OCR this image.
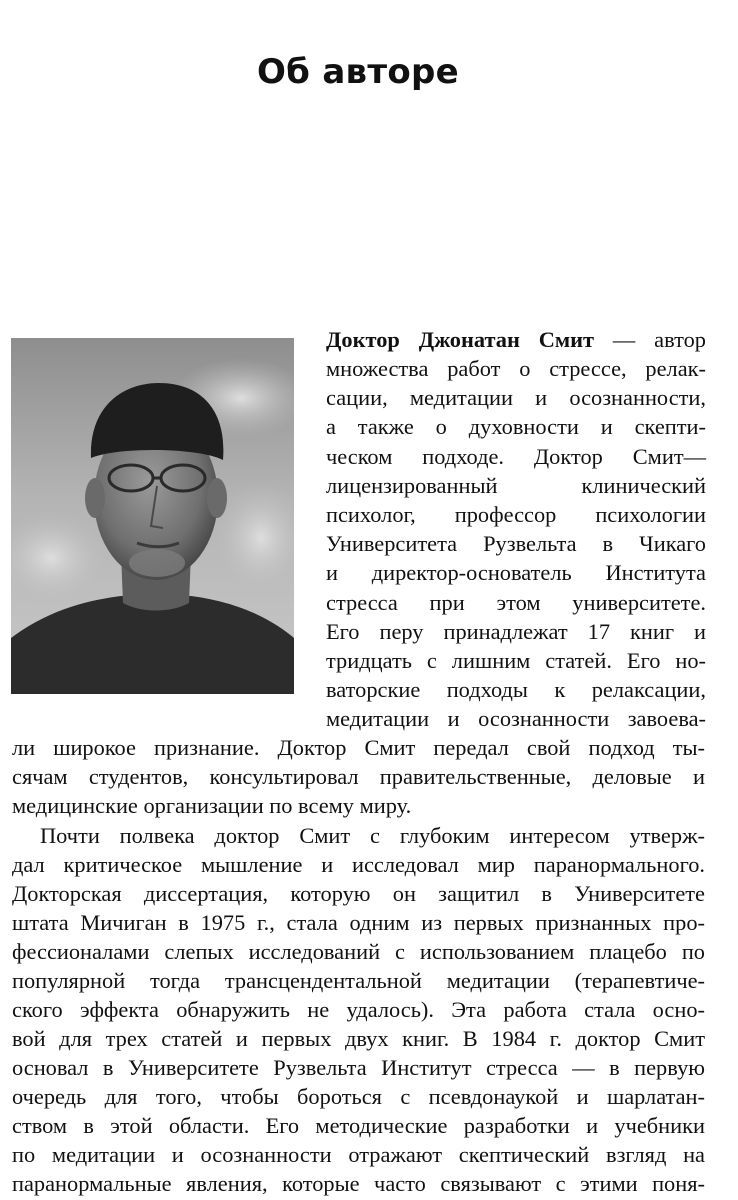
Об авторе
Доктор Джонатан Смит — автор
множества работ о стрессе, релак-
сации, медитации и осознанности,
а также о духовности и скепти-
ческом подходе. Доктор Смит—
лицензированный клинический
психолог, профессор психологии
Университета Рузвельта в Чикаго
и директор-основатель Института
стресса при этом университете.
Его перу принадлежат 17 книг и
тридцать с лишним статей. Его но-
ваторские подходы к релаксации,
медитации и осознанности завоева-
ли широкое признание. Доктор Смит передал свой подход ты-
сячам студентов, консультировал правительственные, деловые и
медицинские организации по всему миру.
Почти полвека доктор Смит с глубоким интересом утверж-
дал критическое мышление и исследовал мир паранормального.
Докторская диссертация, которую он защитил в Университете
штата Мичиган в 1975 г., стала одним из первых признанных про-
фессионалами слепых исследований с использованием плацебо по
популярной тогда трансцендентальной медитации (терапевтиче-
ского эффекта обнаружить не удалось). Эта работа стала осно-
вой для трех статей и первых двух книг. В 1984 г. доктор Смит
основал в Университете Рузвельта Институт стресса — в первую
очередь для того, чтобы бороться с псевдонаукой и шарлатан-
ством в этой области. Его методические разработки и учебники
по медитации и осознанности отражают скептический взгляд на
паранормальные явления, которые часто связывают с этими поня-
